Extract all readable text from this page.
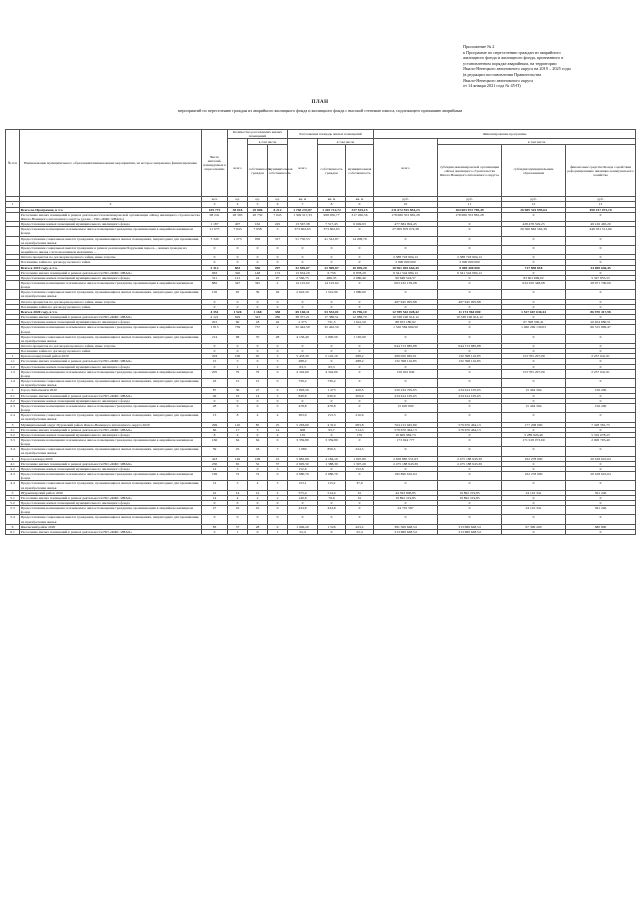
Приложение № 2
к Программе по переселению граждан из аварийного
жилищного фонда и жилищного фонда, признанного в
установленном порядке аварийным, на территории
Ямало-Ненецкого автономного округа на 2019 – 2025 годы
(в редакции постановления Правительства
Ямало-Ненецкого автономного округа
от 14 января 2021 года № 45-П)
ПЛАН
мероприятий по переселению граждан из аварийного жилищного фонда и жилищного фонда с высокой степенью износа, подлежащего признанию аварийным
№ п/п	Наименование муниципального образования/наименование мероприятия, на которое направлено финансирование	Число жителей, планируемых к переселению	Количество расселяемых жилых помещений			Расселяемая площадь жилых помещений			Финансирование программы			
			всего	в том числе		всего	в том числе		всего	в том числе		
				собственность граждан	муниципальная собственность		собственность граждан	муниципальная собственность		субсидия некоммерческой организации «Фонд жилищного строительства Ямало-Ненецкого автономного округа»	субсидия муниципальным образованиям	финансовые средства Фонда содействия реформированию жилищно-коммунального хозяйства
		чел.	ед.	ед.	ед.	кв. м	кв. м	кв. м	руб.	руб.	руб.	руб.
1	2	3	4	5	6	7	8	9	10	11	12	13
	Всего по Программе, в т.ч.	105 772	38 018	29 806	8 212	1 748 237,87	1 410 712,72	337 525,15	211 672 555 854,23	164 083 072 785,49	26 989 325 995,64	498 157 073,10
	Расселение жилых помещений в рамках деятельности некоммерческой организации «Фонд жилищного строительства Ямало-Ненецкого автономного округа» (далее – НО «ФЖС ЯНАО»)	98 241	28 395	20 750	7 645	1 309 317,33	998 050,77	317 266,56	178 686 353 881,28	178 686 353 881,28	0	0
	Предоставление жилых помещений муниципального жилищного фонда	1 187	407	162	245	13 567,38	7 517,45	6 049,93	477 684 994,45	0	428 478 529,25	49 126 465,20
	Предоставление возмещения за изымаемое жилое помещение гражданам, проживающим в аварийном жилищном фонде	21 075	7 943	7 938	5	373 602,63	373 602,63	0	27 009 879 074,38	0	26 560 846 562,39	449 031 511,99
	Предоставление социальных выплат гражданам, проживающим в жилых помещениях, непригодных для проживания, на приобретение жилья	3 349	1 273	956	317	51 750,53	41 541,87	14 208,76	0	0	0	0
	Предоставление социальных выплат гражданам в рамках реализации Поручения пересе... ленных граждан из аварийного жилья с использованием механизма ...	0	0	0	0	0	0	0	0	0	0	0
	Оплата процентов по договорам целевого займа, иные затраты	0	0	0	0	0	0	0	2 588 718 904,12	2 588 718 904,12	0	0
	Погашение займа по договору целевого займа	0	0	0	0	0	0	0	2 900 000 000	2 900 000 000	0	0
	Всего в 2019 году, в т.ч.	2 312	853	556	297	32 949,07	22 909,87	10 039,20	10 561 055 664,45	9 809 400 000	717 858 818	34 009 646,45
	Расселение жилых помещений в рамках деятельности НО «ФЖС ЯНАО»	963	320	148	172	13 634,29	6 756	6 878,29	9 341 544 984,12	9 341 544 984,12	0	0
	Предоставление жилых помещений муниципального жилищного фонда	311	121	24	97	2 566,75	486,35	2 080,40	90 948 524,57	0	83 601 669,02	5 347 855,55
	Предоставление возмещения за изымаемое жилое помещение гражданам, проживающим в аварийном жилищном фонде	882	347	345	2	14 125,62	14 125,62	0	663 232 139,08	0	634 250 348,08	28 971 790,00
	Предоставление социальных выплат гражданам, проживающим в жилых помещениях, непригодных для проживания, на приобретение жилья	156	65	39	26	2 622,50	1 541,90	1 080,60	0	0	0	0
	Оплата процентов по договорам целевого займа, иные затраты	0	0	0	0	0	0	0	467 945 095,88	467 945 095,88	0	0
	Погашение займа по договору целевого займа	0	0	0	0	0	0	0	0	0	0	0
	Всего в 2020 году, в т.ч.	4 351	1 526	1 168	358	69 160,11	53 553,01	15 796,10	12 789 542 028,42	11 174 964 000	1 527 667 630,44	86 970 417,98
	Расселение жилых помещений в рамках деятельности НО «ФЖС ЯНАО»	2 121	629	343	286	38 377,21	17 380,51	12 988,70	10 538 190 914,12	10 538 190 914,12	0	0
	Предоставление жилых помещений муниципального жилищного фонда	201	60	18	42	2 373	731,5	1 641,50	88 053 180,92	0	67 398 500,41	20 654 680,51
	Предоставление возмещения за изымаемое жилое помещение гражданам, проживающим в аварийном жилищном фонде	1 815	739	737	2	32 442,50	32 442,50	0	1 526 584 969,50	0	1 460 269 130,03	66 315 809,47
	Предоставление социальных выплат гражданам, проживающим в жилых помещениях, непригодных для проживания, на приобретение жилья	214	98	70	28	4 156,40	2 990,50	1 165,90	0	0	0	0
	Оплата процентов по договорам целевого займа, иные затраты	0	0	0	0	0	0	0	644 713 085,88	644 713 085,88	0	0
	Погашение займа по договору целевого займа	0	0	0	0	0	0	0	0	0	0	0
1	Красноселькупский район 2020	203	100	95	5	5 433,30	5 145,10	288,2	289 020 965,01	132 598 116,83	153 765 207,09	2 257 641,91
1.1	Расселение жилых помещений в рамках деятельности НО «ФЖС ЯНАО»	15	5	0	5	288,2	0	288,2	132 598 116,83	132 598 116,83	0	0
1.2	Предоставление жилых помещений муниципального жилищного фонда	0	1	1	0	63,3	63,3	0	0	0	0	0
1.3	Предоставление возмещения за изымаемое жилое помещение гражданам, проживающим в аварийном жилищном фонде	205	79	79	0	4 342,60	4 342,60	0	156 022 849	0	153 765 207,09	2 257 641,91
1.4	Предоставление социальных выплат гражданам, проживающим в жилых помещениях, непригодных для проживания, на приобретение жилья	43	15	15	0	739,2	739,2	0	0	0	0	0
2	Город Лабытнанги 2020	87	36	27	9	1 693,50	1 273	420,5	250 234 705,65	234 614 105,65	15 464 394	156 206
2.1	Расселение жилых помещений в рамках деятельности НО «ФЖС ЯНАО»	46	19	14	5	849,8	630,9	209,9	234 614 105,65	234 614 105,65	0	0
2.2	Предоставление жилых помещений муниципального жилищного фонда	0	0	0	0	0	0	0	0	0	0	0
2.3	Предоставление возмещения за изымаемое жилое помещение гражданам, проживающим в аварийном жилищном фонде	28	9	9	0	478,8	478,8	0	15 620 600	0	15 464 394	156 206
2.4	Предоставление социальных выплат гражданам, проживающим в жилых помещениях, непригодных для проживания, на приобретение жилья	13	8	4	4	363,9	153,3	210,6	0	0	0	0
3	Муниципальный округ Пуровский район Ямало-Ненецкого автономного округа 2020	299	110	85	25	5 263,00	4 310	983,8	764 213 045,80	579 676 464,13	177 208 000	7 328 581,75
3.1	Расселение жилых помещений в рамках деятельности НО «ФЖС ЯНАО»	66	17	3	14	608	93,7	514,3	579 676 464,13	579 676 464,13	0	0
3.2	Предоставление жилых помещений муниципального жилищного фонда	8	4	0	4	135	0	135	10 609 984,73	0	5 289 926,46	5 319 078,25
3.3	Предоставление возмещения за изымаемое жилое помещение гражданам, проживающим в аварийном жилищном фонде	166	64	64	0	3 359,80	3 359,80	0	173 924 777	0	171 918 073,60	2 006 703,40
3.4	Предоставление социальных выплат гражданам, проживающим в жилых помещениях, непригодных для проживания, на приобретение жилья	59	25	18	7	1 080	856,5	224,5	0	0	0	0
4	Город Салехард 2020	423	149	108	41	5 881,90	4 184,10	1 697,80	2 658 885 551,63	2 475 188 943,39	162 278 000	20 618 610,04
4.1	Расселение жилых помещений в рамках деятельности НО «ФЖС ЯНАО»	250	65	32	37	2 695,50	1 388,30	1 307,20	2 475 188 943,39	2 475 188 943,39	0	0
4.2	Предоставление жилых помещений муниципального жилищного фонда	12	3	0	3	152,6	0	152,6	0	0	0	0
4.3	Предоставление возмещения за изымаемое жилое помещение гражданам, проживающим в аварийном жилищном фонде	169	72	72	0	2 680,70	2 680,70	0	182 896 610,04	0	162 278 000	20 618 610,04
4.4	Предоставление социальных выплат гражданам, проживающим в жилых помещениях, непригодных для проживания, на приобретение жилья	12	5	4	3	153,1	115,2	37,9	0	0	0	0
5	Шурышкарский район 2020	41	14	12	2	575,4	514,4	61	44 593 806,85	19 892 219,85	24 110 341	591 246
5.1	Расселение жилых помещений в рамках деятельности НО «ФЖС ЯНАО»	14	4	2	2	140,6	79,6	61	19 892 219,85	19 892 219,85	0	0
5.2	Предоставление жилых помещений муниципального жилищного фонда	0	0	0	0	0	0	0	0	0	0	0
5.3	Предоставление возмещения за изымаемое жилое помещение гражданам, проживающим в аварийном жилищном фонде	27	10	10	0	434,8	434,8	0	24 701 587	0	24 110 341	591 246
5.4	Предоставление социальных выплат гражданам, проживающим в жилых помещениях, непригодных для проживания, на приобретение жилья	0	0	0	0	0	0	0	0	0	0	0
6	Ямальский район 2020	83	37	28	9	1 949,20	1 526	423,2	381 569 648,54	313 689 648,54	67 399 200	680 800
6.1	Расселение жилых помещений в рамках деятельности НО «ФЖС ЯНАО»	5	1	0	1	52,4	0	52,4	313 689 648,54	313 689 648,54	0	0
